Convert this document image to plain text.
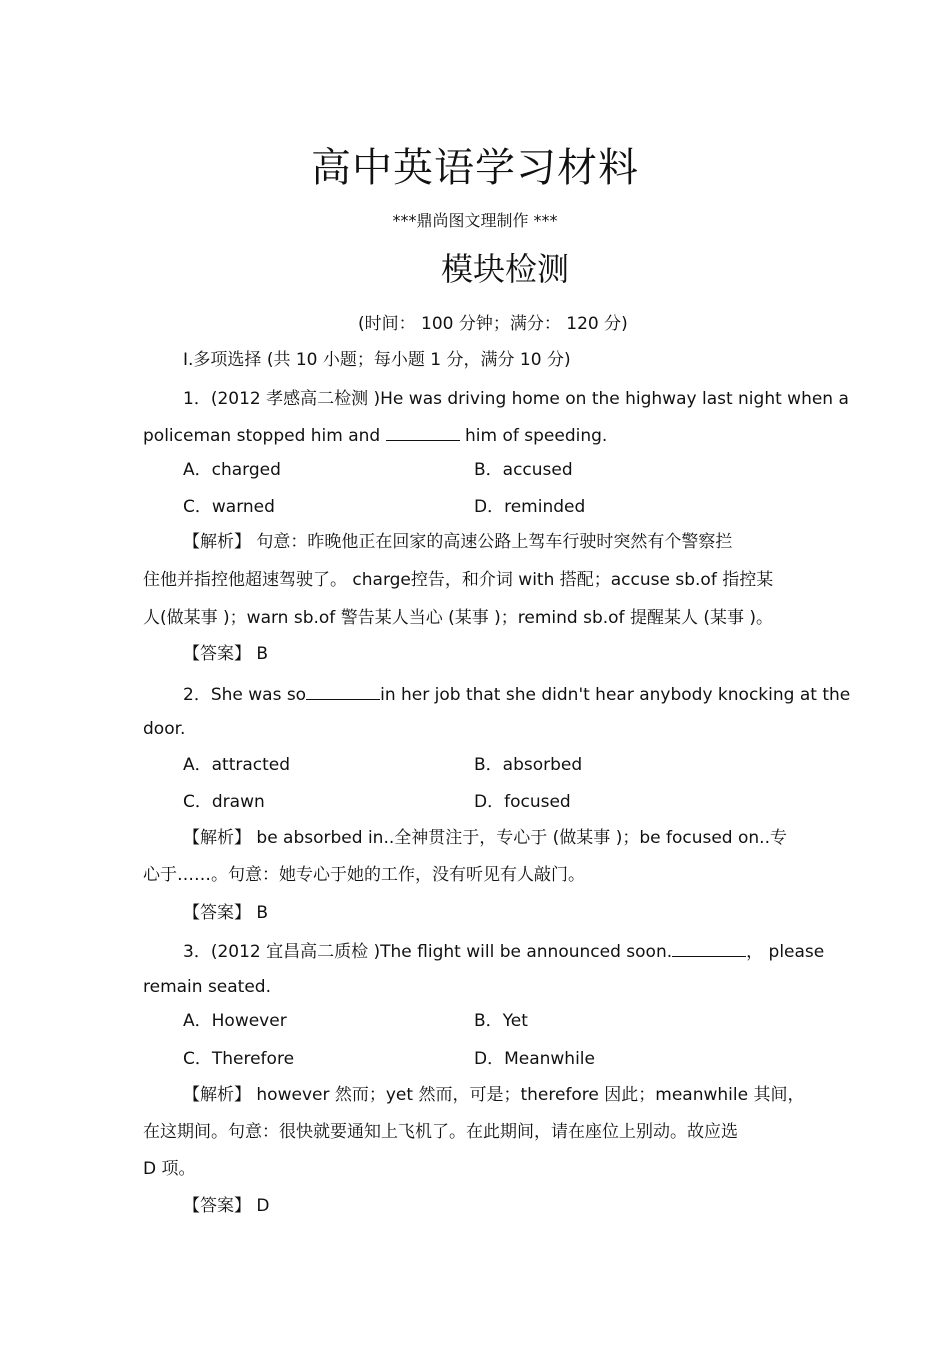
高中英语学习材料
***鼎尚图文理制作 ***
模块检测
(时间： 100 分钟；满分： 120 分)
Ⅰ.多项选择 (共 10 小题；每小题 1 分，满分 10 分)
1．(2012 孝感高二检测 )He was driving home on the highway last night when a
policeman stopped him and	him of speeding.
A．charged	B．accused
C．warned	D．reminded
【解析】 句意：昨晚他正在回家的高速公路上驾车行驶时突然有个警察拦
住他并指控他超速驾驶了。 charge控告，和介词 with 搭配；accuse sb.of 指控某
人(做某事 )；warn sb.of 警告某人当心 (某事 )；remind sb.of 提醒某人 (某事 )。
【答案】 B
2．She was so	in her job that she didn't hear anybody knocking at the
door.
A．attracted	B．absorbed
C．drawn	D．focused
【解析】 be absorbed in..全神贯注于，专心于 (做某事 )；be focused on..专
心于……。句意：她专心于她的工作，没有听见有人敲门。
【答案】 B
3．(2012 宜昌高二质检 )The flight will be announced soon.	， please
remain seated.
A．However	B．Yet
C．Therefore	D．Meanwhile
【解析】 however 然而；yet 然而，可是；therefore 因此；meanwhile 其间，
在这期间。句意：很快就要通知上飞机了。在此期间，请在座位上别动。故应选
D 项。
【答案】 D
